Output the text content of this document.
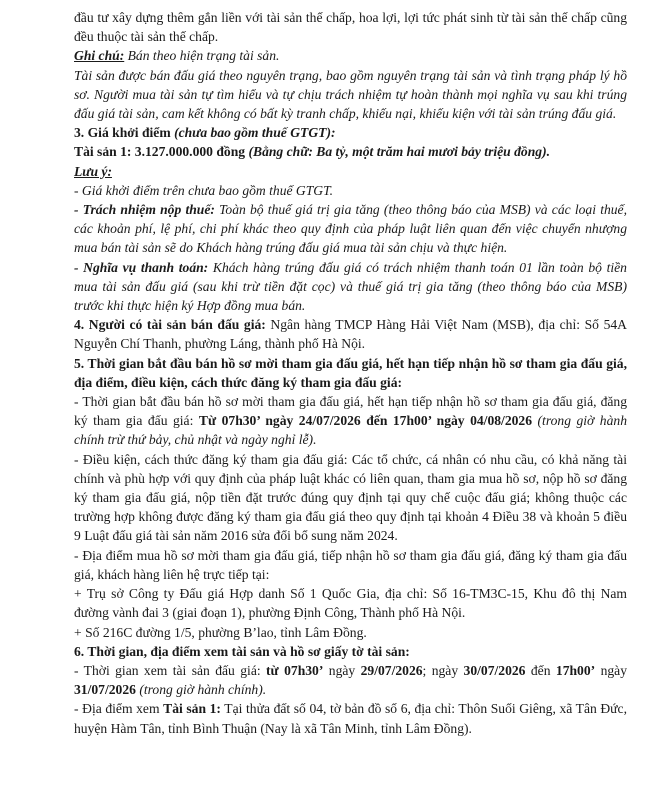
đầu tư xây dựng thêm gắn liền với tài sản thế chấp, hoa lợi, lợi tức phát sinh từ tài sản thế chấp cũng đều thuộc tài sản thế chấp.

Ghi chú: Bán theo hiện trạng tài sản.

Tài sản được bán đấu giá theo nguyên trạng, bao gồm nguyên trạng tài sản và tình trạng pháp lý hồ sơ. Người mua tài sản tự tìm hiểu và tự chịu trách nhiệm tự hoàn thành mọi nghĩa vụ sau khi trúng đấu giá tài sản, cam kết không có bất kỳ tranh chấp, khiếu nại, khiếu kiện với tài sản trúng đấu giá.

3. Giá khởi điểm (chưa bao gồm thuế GTGT):

Tài sản 1: 3.127.000.000 đồng (Bằng chữ: Ba tỷ, một trăm hai mươi bảy triệu đồng).

Lưu ý:

- Giá khởi điểm trên chưa bao gồm thuế GTGT.

- Trách nhiệm nộp thuế: Toàn bộ thuế giá trị gia tăng (theo thông báo của MSB) và các loại thuế, các khoản phí, lệ phí, chi phí khác theo quy định của pháp luật liên quan đến việc chuyển nhượng mua bán tài sản sẽ do Khách hàng trúng đấu giá mua tài sản chịu và thực hiện.

- Nghĩa vụ thanh toán: Khách hàng trúng đấu giá có trách nhiệm thanh toán 01 lần toàn bộ tiền mua tài sản đấu giá (sau khi trừ tiền đặt cọc) và thuế giá trị gia tăng (theo thông báo của MSB) trước khi thực hiện ký Hợp đồng mua bán.

4. Người có tài sản bán đấu giá: Ngân hàng TMCP Hàng Hải Việt Nam (MSB), địa chỉ: Số 54A Nguyễn Chí Thanh, phường Láng, thành phố Hà Nội.

5. Thời gian bắt đầu bán hồ sơ mời tham gia đấu giá, hết hạn tiếp nhận hồ sơ tham gia đấu giá, địa điểm, điều kiện, cách thức đăng ký tham gia đấu giá:

- Thời gian bắt đầu bán hồ sơ mời tham gia đấu giá, hết hạn tiếp nhận hồ sơ tham gia đấu giá, đăng ký tham gia đấu giá: Từ 07h30’ ngày 24/07/2026 đến 17h00’ ngày 04/08/2026 (trong giờ hành chính trừ thứ bảy, chủ nhật và ngày nghỉ lễ).

- Điều kiện, cách thức đăng ký tham gia đấu giá: Các tổ chức, cá nhân có nhu cầu, có khả năng tài chính và phù hợp với quy định của pháp luật khác có liên quan, tham gia mua hồ sơ, nộp hồ sơ đăng ký tham gia đấu giá, nộp tiền đặt trước đúng quy định tại quy chế cuộc đấu giá; không thuộc các trường hợp không được đăng ký tham gia đấu giá theo quy định tại khoản 4 Điều 38 và khoản 5 điều 9 Luật đấu giá tài sản năm 2016 sửa đổi bổ sung năm 2024.

- Địa điểm mua hồ sơ mời tham gia đấu giá, tiếp nhận hồ sơ tham gia đấu giá, đăng ký tham gia đấu giá, khách hàng liên hệ trực tiếp tại:

+ Trụ sở Công ty Đấu giá Hợp danh Số 1 Quốc Gia, địa chỉ: Số 16-TM3C-15, Khu đô thị Nam đường vành đai 3 (giai đoạn 1), phường Định Công, Thành phố Hà Nội.

+ Số 216C đường 1/5, phường B’lao, tỉnh Lâm Đồng.

6. Thời gian, địa điểm xem tài sản và hồ sơ giấy tờ tài sản:

- Thời gian xem tài sản đấu giá: từ 07h30’ ngày 29/07/2026; ngày 30/07/2026 đến 17h00’ ngày 31/07/2026 (trong giờ hành chính).

- Địa điểm xem Tài sản 1: Tại thửa đất số 04, tờ bản đồ số 6, địa chỉ: Thôn Suối Giêng, xã Tân Đức, huyện Hàm Tân, tỉnh Bình Thuận (Nay là xã Tân Minh, tỉnh Lâm Đồng).
